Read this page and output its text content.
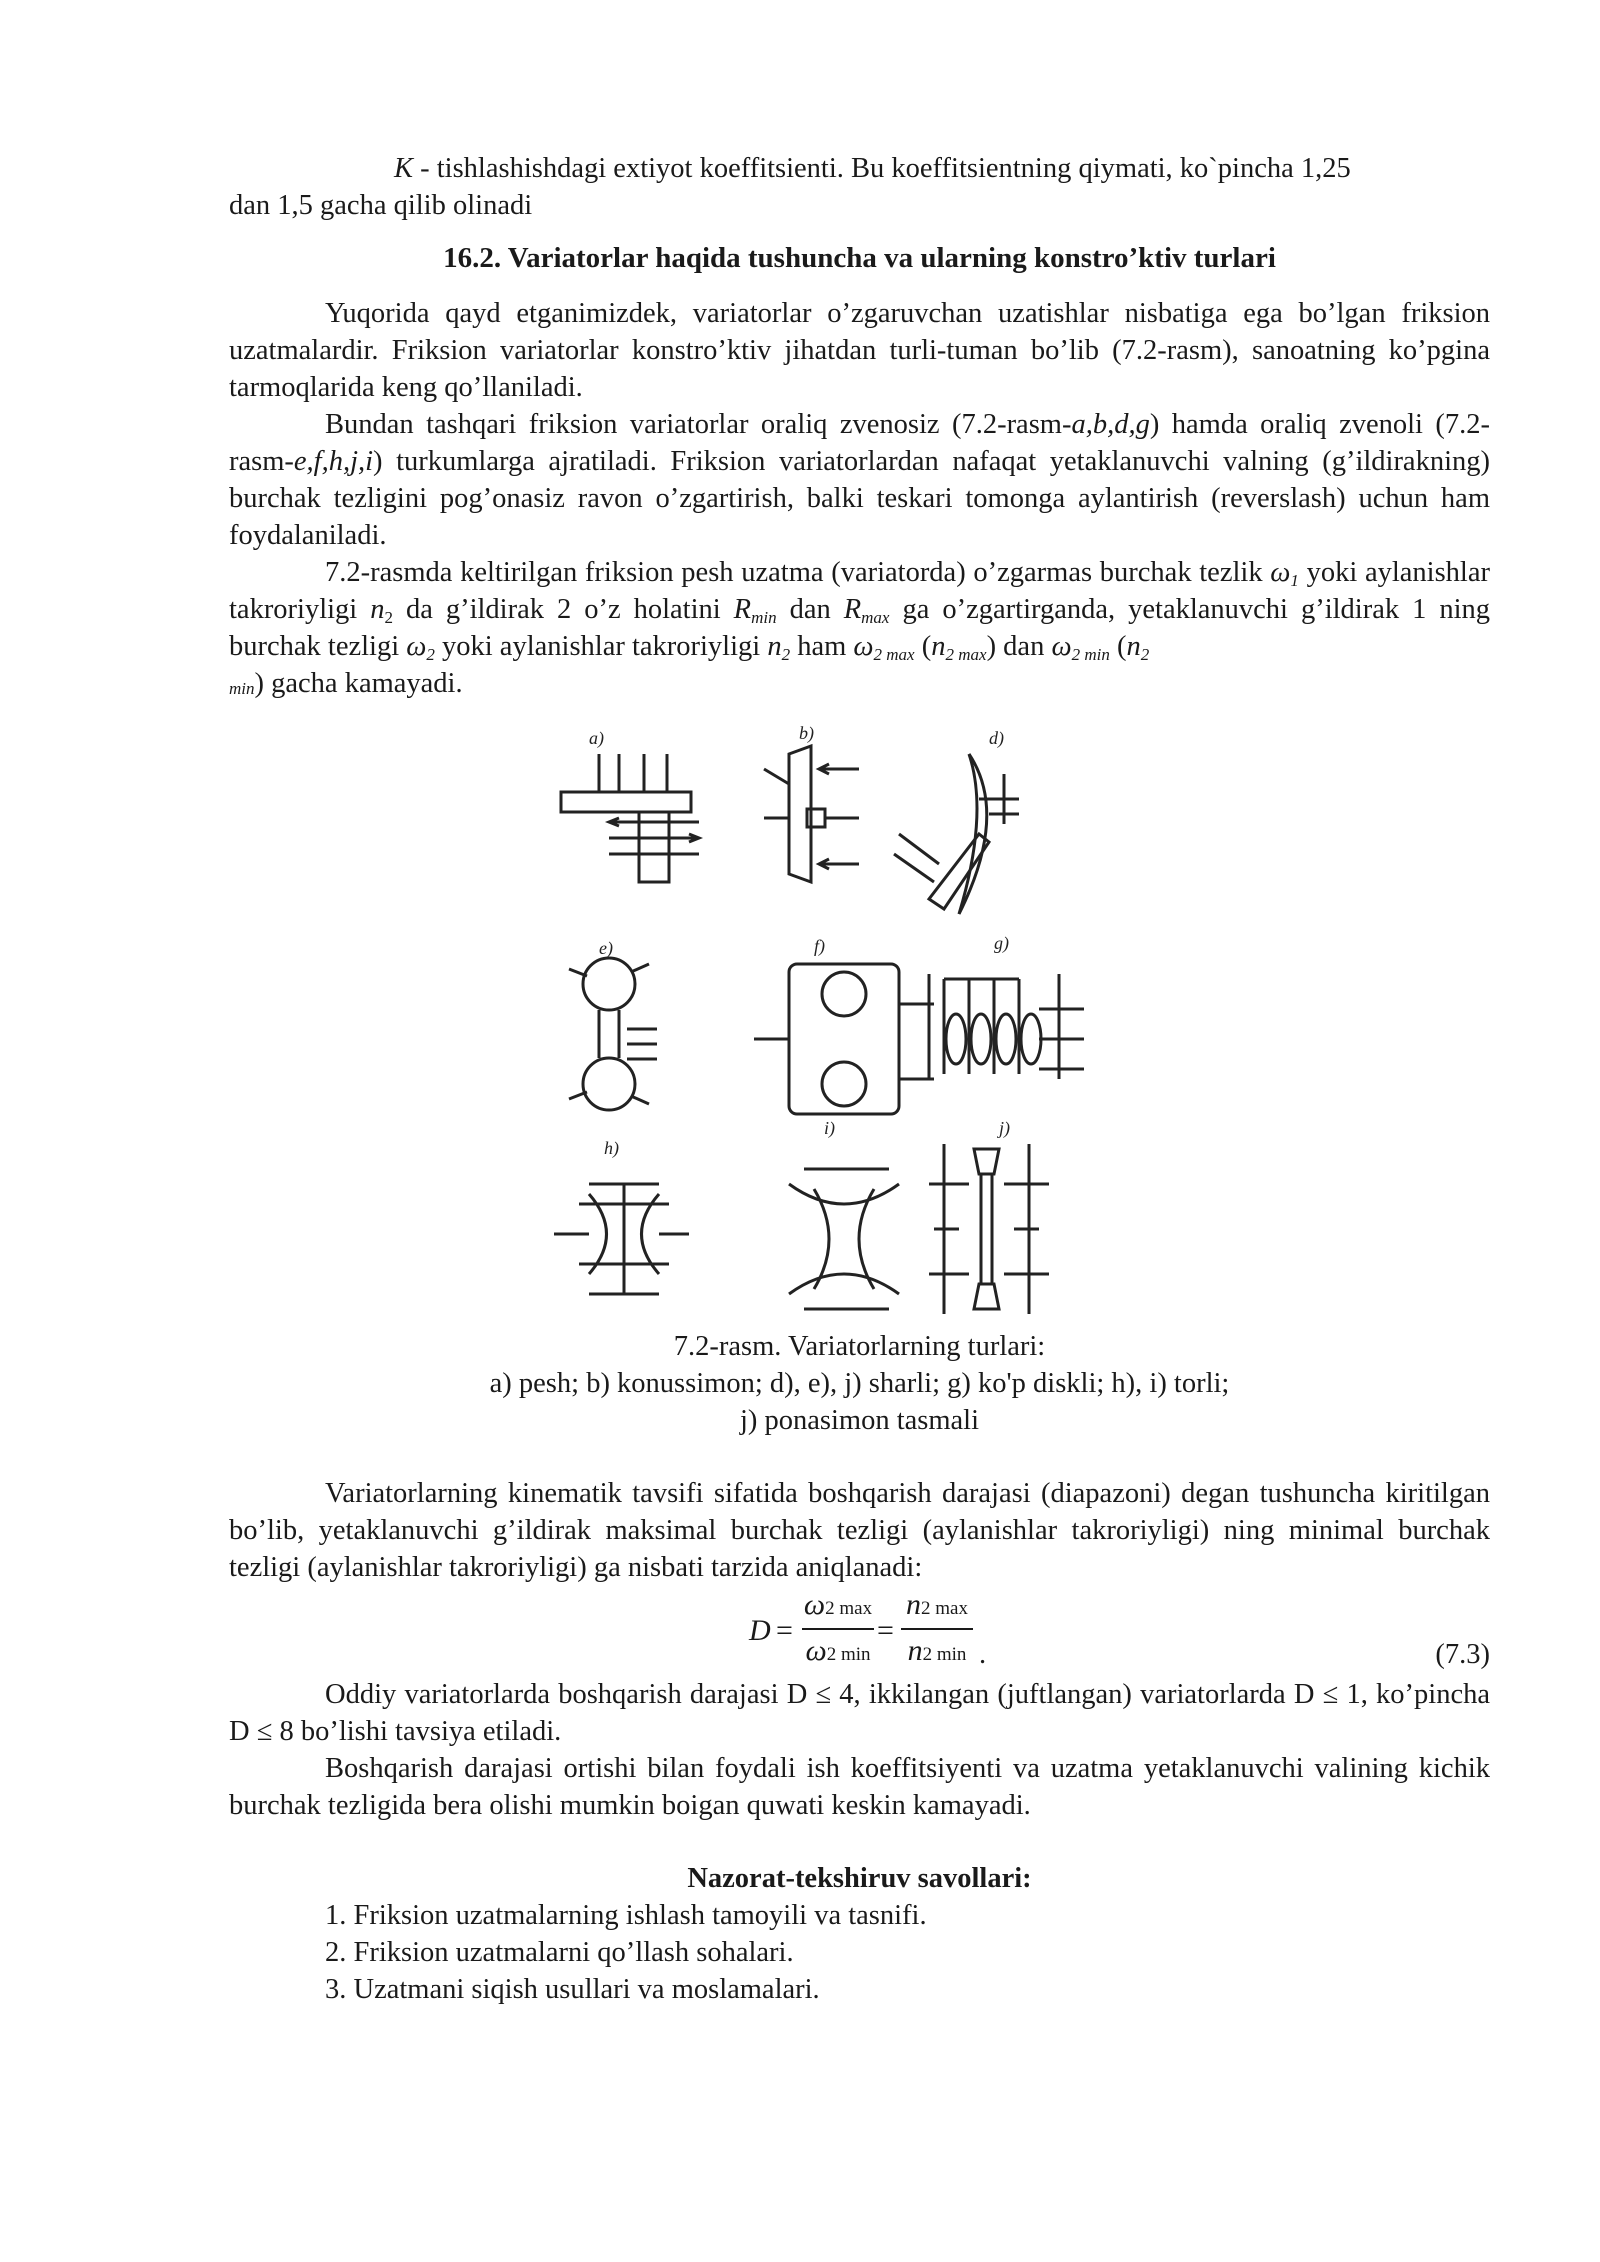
K - tishlashishdagi extiyot koeffitsienti. Bu koeffitsientning qiymati, ko`pincha 1,25
dan 1,5 gacha qilib olinadi

16.2. Variatorlar haqida tushuncha va ularning konstro’ktiv turlari

Yuqorida qayd etganimizdek, variatorlar o’zgaruvchan uzatishlar nisbatiga ega bo’lgan friksion uzatmalardir. Friksion variatorlar konstro’ktiv jihatdan turli-tuman bo’lib (7.2-rasm), sanoatning ko’pgina tarmoqlarida keng qo’llaniladi.

Bundan tashqari friksion variatorlar oraliq zvenosiz (7.2-rasm-a,b,d,g) hamda oraliq zvenoli (7.2-rasm-e,f,h,j,i) turkumlarga ajratiladi. Friksion variatorlardan nafaqat yetaklanuvchi valning (g’ildirakning) burchak tezligini pog’onasiz ravon o’zgartirish, balki teskari tomonga aylantirish (reverslash) uchun ham foydalaniladi.

7.2-rasmda keltirilgan friksion pesh uzatma (variatorda) o’zgarmas burchak tezlik $\omega_1$ yoki aylanishlar takroriyligi $n_2$ da g’ildirak 2 o’z holatini $R_{min}$ dan $R_{max}$ ga o’zgartirganda, yetaklanuvchi g’ildirak 1 ning burchak tezligi $\omega_2$ yoki aylanishlar takroriyligi $n_2$ ham $\omega_{2 max}$ $(n_{2 max})$ dan $\omega_{2 min}$ ($n_2$
$_{min}$) gacha kamayadi.

a)	b)	d)
e)	f)	g)
h)
i)	j)
7.2-rasm. Variatorlarning turlari:
a) pesh; b) konussimon; d), e), j) sharli; g) ko'p diskli; h), i) torli;
j) ponasimon tasmali

Variatorlarning kinematik tavsifi sifatida boshqarish darajasi (diapazoni) degan tushuncha kiritilgan bo’lib, yetaklanuvchi g’ildirak maksimal burchak tezligi (aylanishlar takroriyligi) ning minimal burchak tezligi (aylanishlar takroriyligi) ga nisbati tarzida aniqlanadi:

D =
ω2 max
ω2 min
=
n2 max
n2 min .	(7.3)

Oddiy variatorlarda boshqarish darajasi D ≤ 4, ikkilangan (juftlangan) variatorlarda D ≤ 1, ko’pincha D ≤ 8 bo’lishi tavsiya etiladi.

Boshqarish darajasi ortishi bilan foydali ish koeffitsiyenti va uzatma yetaklanuvchi valining kichik burchak tezligida bera olishi mumkin boigan quwati keskin kamayadi.

Nazorat-tekshiruv savollari:
1. Friksion uzatmalarning ishlash tamoyili va tasnifi.
2. Friksion uzatmalarni qo’llash sohalari.
3. Uzatmani siqish usullari va moslamalari.
